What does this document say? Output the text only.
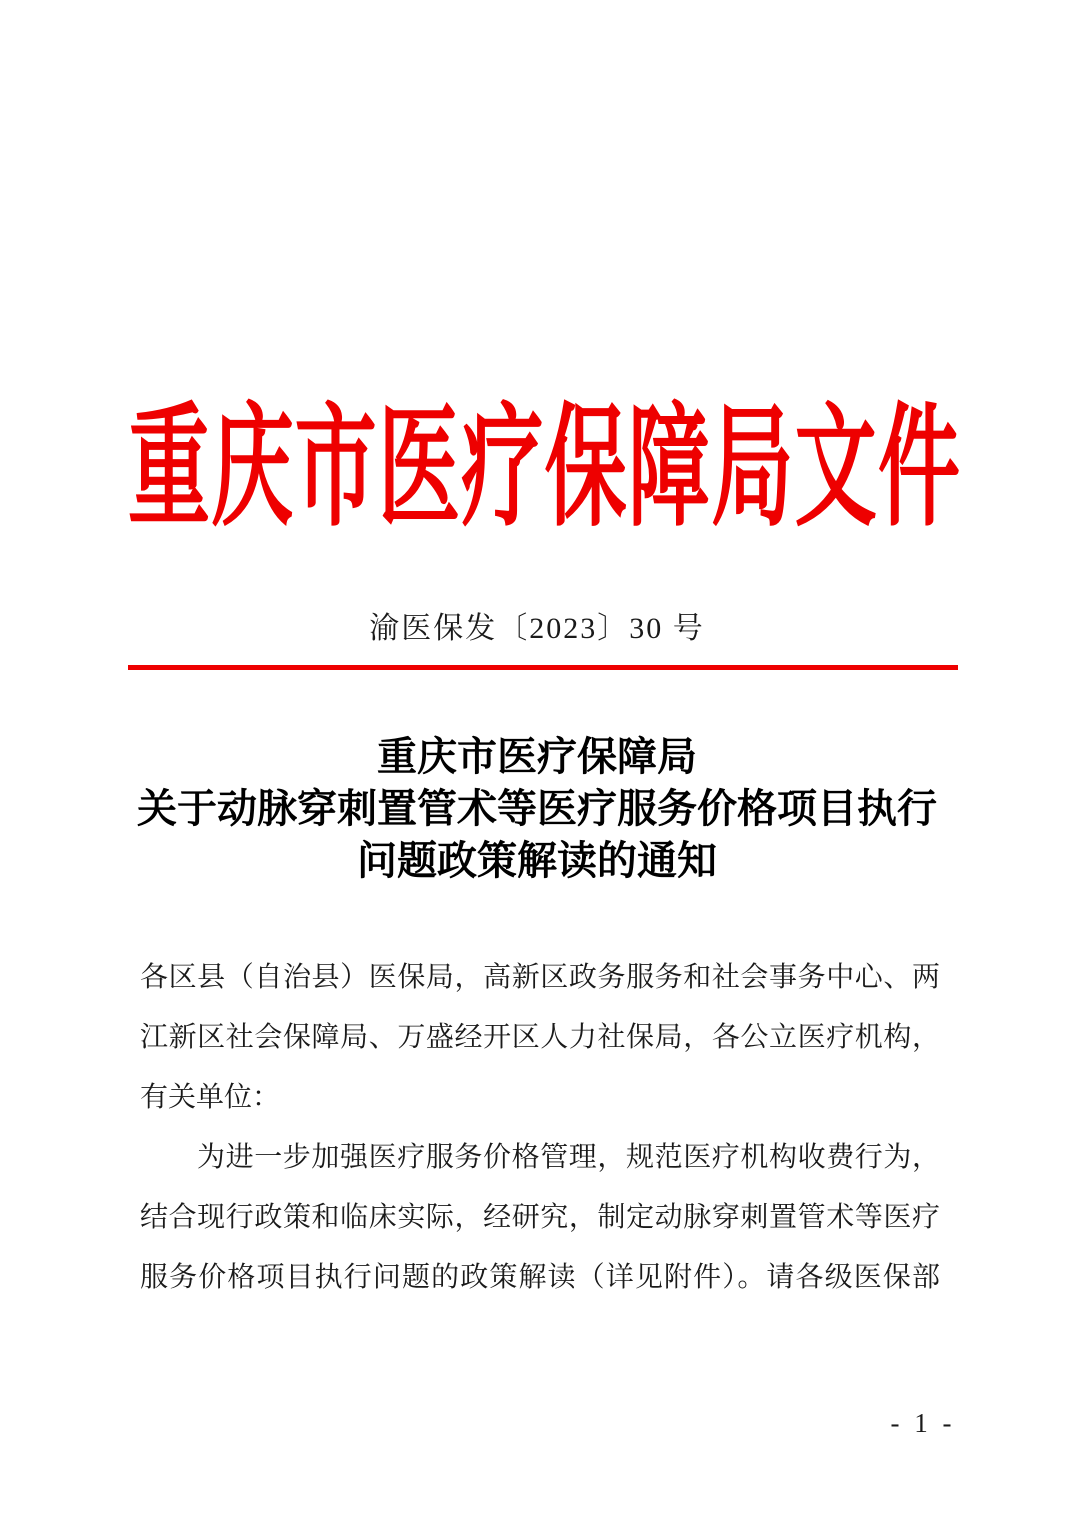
重庆市医疗保障局文件
渝医保发〔2023〕30 号
重庆市医疗保障局
关于动脉穿刺置管术等医疗服务价格项目执行
问题政策解读的通知
各区县（自治县）医保局，高新区政务服务和社会事务中心、两
江新区社会保障局、万盛经开区人力社保局，各公立医疗机构，
有关单位：
为进一步加强医疗服务价格管理，规范医疗机构收费行为，
结合现行政策和临床实际，经研究，制定动脉穿刺置管术等医疗
服务价格项目执行问题的政策解读（详见附件）。请各级医保部
- 1 -
